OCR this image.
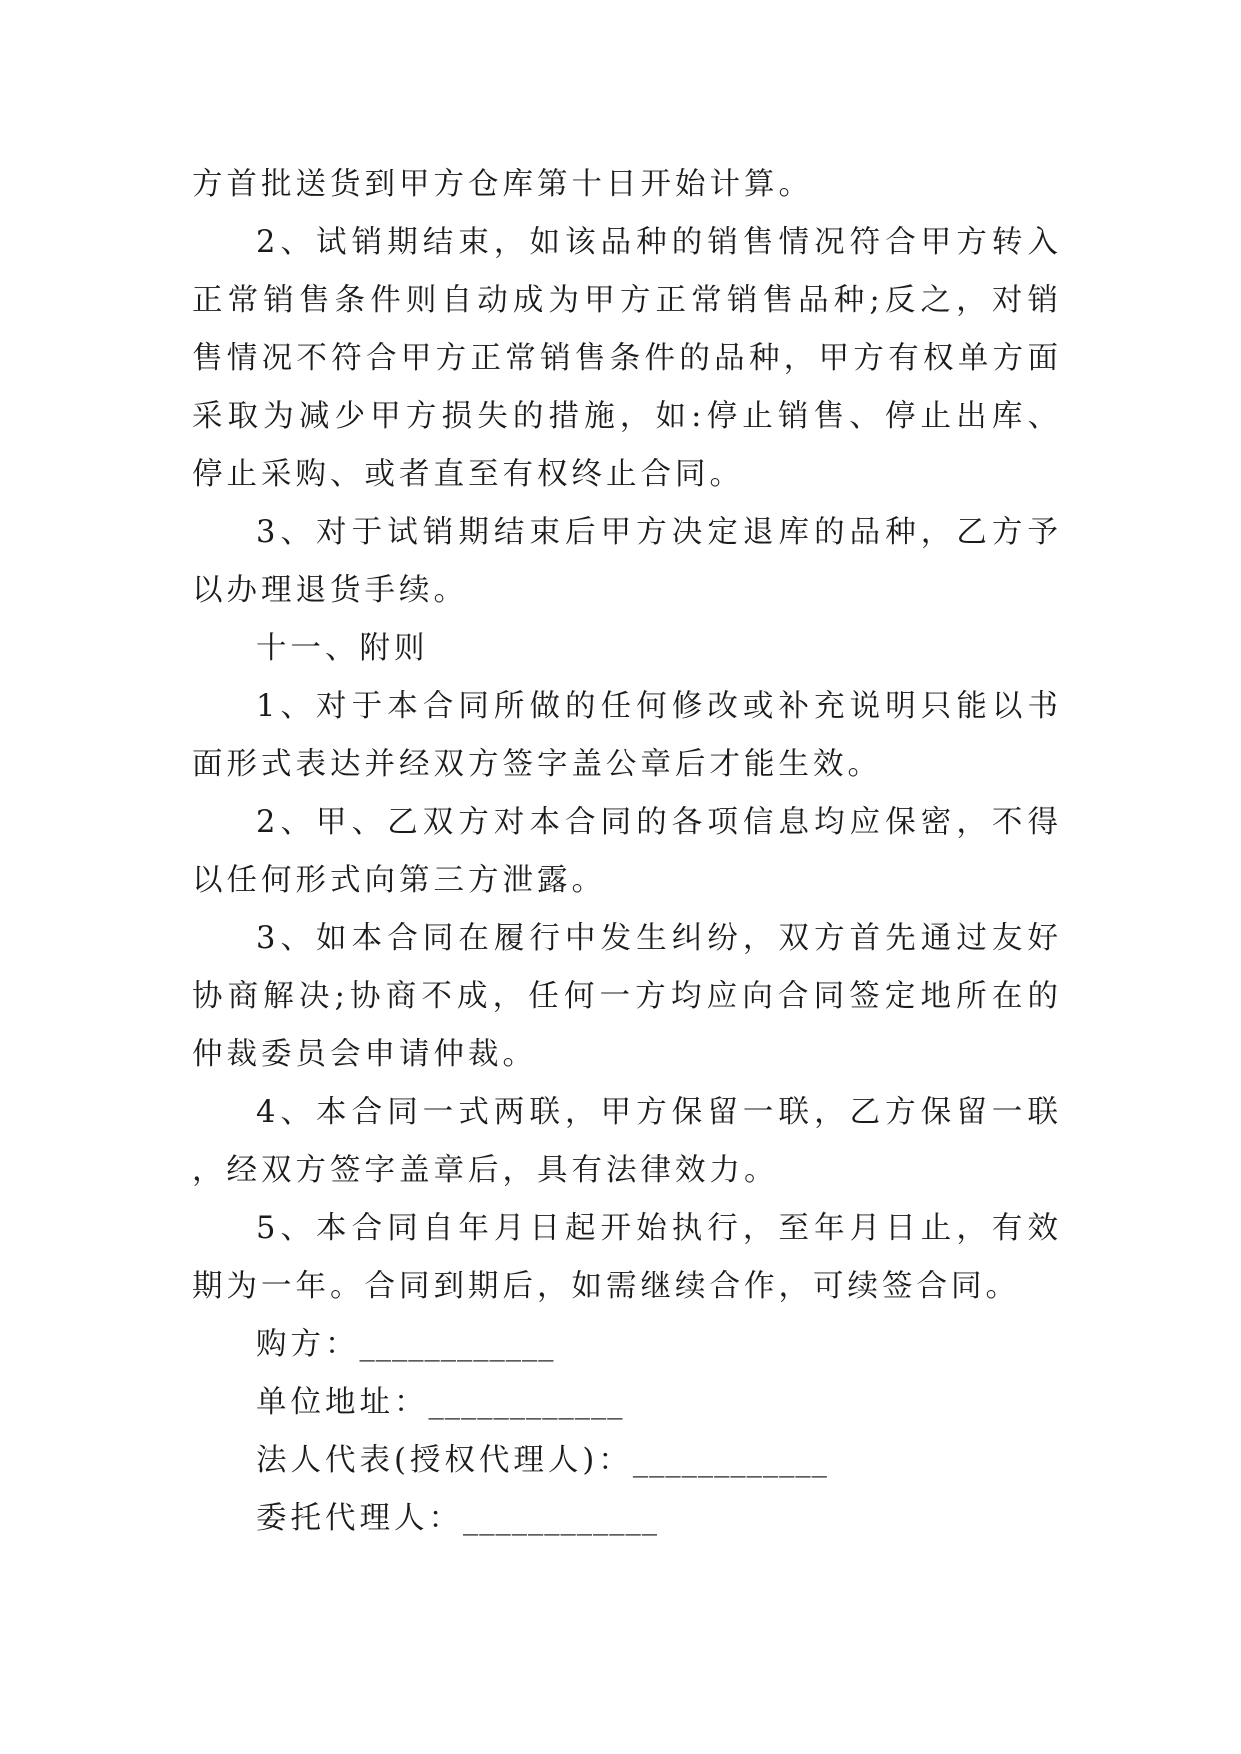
方首批送货到甲方仓库第十日开始计算。

2、试销期结束，如该品种的销售情况符合甲方转入正常销售条件则自动成为甲方正常销售品种;反之，对销售情况不符合甲方正常销售条件的品种，甲方有权单方面采取为减少甲方损失的措施，如:停止销售、停止出库、停止采购、或者直至有权终止合同。

3、对于试销期结束后甲方决定退库的品种，乙方予以办理退货手续。

十一、附则

1、对于本合同所做的任何修改或补充说明只能以书面形式表达并经双方签字盖公章后才能生效。

2、甲、乙双方对本合同的各项信息均应保密，不得以任何形式向第三方泄露。

3、如本合同在履行中发生纠纷，双方首先通过友好协商解决;协商不成，任何一方均应向合同签定地所在的仲裁委员会申请仲裁。

4、本合同一式两联，甲方保留一联，乙方保留一联，经双方签字盖章后，具有法律效力。

5、本合同自年月日起开始执行，至年月日止，有效期为一年。合同到期后，如需继续合作，可续签合同。

购方：____________
单位地址：____________
法人代表(授权代理人)：____________
委托代理人：____________
